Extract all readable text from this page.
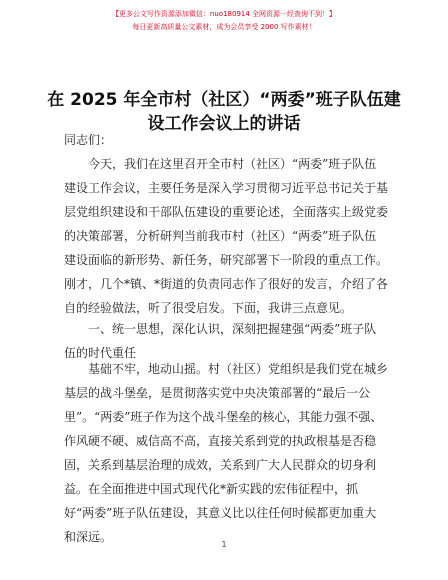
【更多公文写作资源添加微信：nuo180914 全网资源一经查询不到！】
每日更新高质量公文素材，成为会员享受 2000 写作素材！
在 2025 年全市村（社区）“两委”班子队伍建
设工作会议上的讲话

同志们：

今天，我们在这里召开全市村（社区）“两委”班子队伍
建设工作会议，主要任务是深入学习贯彻习近平总书记关于基
层党组织建设和干部队伍建设的重要论述，全面落实上级党委
的决策部署，分析研判当前我市村（社区）“两委”班子队伍
建设面临的新形势、新任务，研究部署下一阶段的重点工作。
刚才，几个*镇、*街道的负责同志作了很好的发言，介绍了各
自的经验做法，听了很受启发。下面，我讲三点意见。

一、统一思想，深化认识，深刻把握建强“两委”班子队
伍的时代重任

基础不牢，地动山摇。村（社区）党组织是我们党在城乡
基层的战斗堡垒，是贯彻落实党中央决策部署的“最后一公
里”。“两委”班子作为这个战斗堡垒的核心，其能力强不强、
作风硬不硬、威信高不高，直接关系到党的执政根基是否稳
固，关系到基层治理的成效，关系到广大人民群众的切身利
益。在全面推进中国式现代化*新实践的宏伟征程中，抓
好“两委”班子队伍建设，其意义比以往任何时候都更加重大
和深远。

1
